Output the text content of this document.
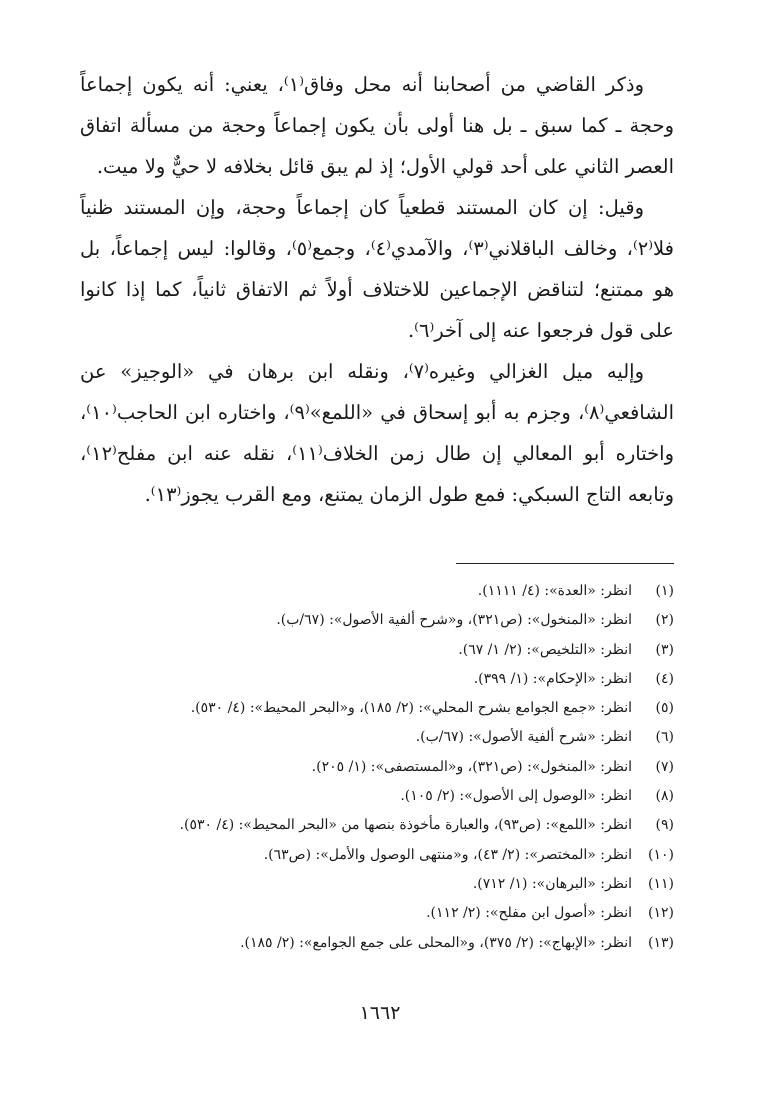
وذكر القاضي من أصحابنا أنه محل وفاق⁽١⁾، يعني: أنه يكون إجماعاً وحجة ـ كما سبق ـ بل هنا أولى بأن يكون إجماعاً وحجة من مسألة اتفاق العصر الثاني على أحد قولي الأول؛ إذ لم يبق قائل بخلافه لا حيٌّ ولا ميت.

وقيل: إن كان المستند قطعياً كان إجماعاً وحجة، وإن المستند ظنياً فلا⁽٢⁾، وخالف الباقلاني⁽٣⁾، والآمدي⁽٤⁾، وجمع⁽٥⁾، وقالوا: ليس إجماعاً، بل هو ممتنع؛ لتناقض الإجماعين للاختلاف أولاً ثم الاتفاق ثانياً، كما إذا كانوا على قول فرجعوا عنه إلى آخر⁽٦⁾.

وإليه ميل الغزالي وغيره⁽٧⁾، ونقله ابن برهان في «الوجيز» عن الشافعي⁽٨⁾، وجزم به أبو إسحاق في «اللمع»⁽٩⁾، واختاره ابن الحاجب⁽١٠⁾، واختاره أبو المعالي إن طال زمن الخلاف⁽١١⁾، نقله عنه ابن مفلح⁽١٢⁾، وتابعه التاج السبكي: فمع طول الزمان يمتنع، ومع القرب يجوز⁽١٣⁾.

(١)انظر: «العدة»: (٤/ ١١١١).
(٢)انظر: «المنخول»: (ص٣٢١)، و«شرح ألفية الأصول»: (٦٧/ب).
(٣)انظر: «التلخيص»: (٢/ ١/ ٦٧).
(٤)انظر: «الإحكام»: (١/ ٣٩٩).
(٥)انظر: «جمع الجوامع بشرح المحلي»: (٢/ ١٨٥)، و«البحر المحيط»: (٤/ ٥٣٠).
(٦)انظر: «شرح ألفية الأصول»: (٦٧/ب).
(٧)انظر: «المنخول»: (ص٣٢١)، و«المستصفى»: (١/ ٢٠٥).
(٨)انظر: «الوصول إلى الأصول»: (٢/ ١٠٥).
(٩)انظر: «اللمع»: (ص٩٣)، والعبارة مأخوذة بنصها من «البحر المحيط»: (٤/ ٥٣٠).
(١٠)انظر: «المختصر»: (٢/ ٤٣)، و«منتهى الوصول والأمل»: (ص٦٣).
(١١)انظر: «البرهان»: (١/ ٧١٢).
(١٢)انظر: «أصول ابن مفلح»: (٢/ ١١٢).
(١٣)انظر: «الإبهاج»: (٢/ ٣٧٥)، و«المحلى على جمع الجوامع»: (٢/ ١٨٥).
١٦٦٢
